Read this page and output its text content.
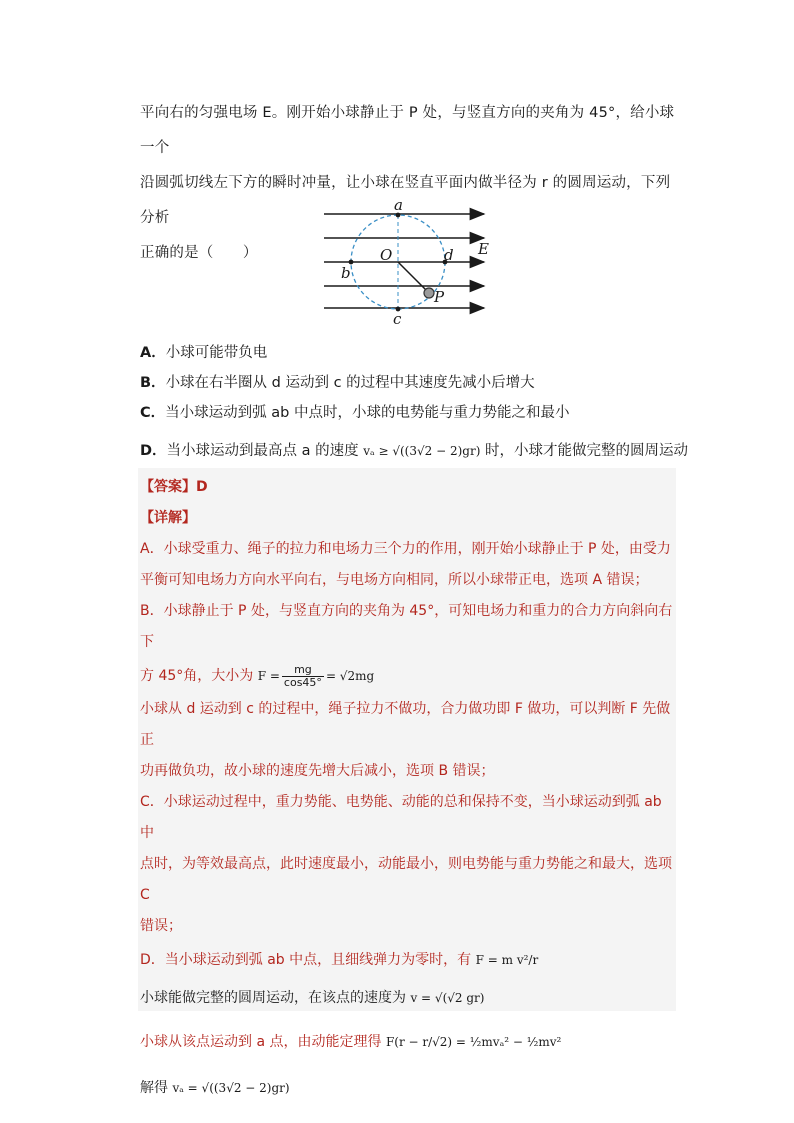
平向右的匀强电场 E。刚开始小球静止于 P 处，与竖直方向的夹角为 45°，给小球一个

沿圆弧切线左下方的瞬时冲量，让小球在竖直平面内做半径为 r 的圆周运动，下列分析

正确的是（　　）

a
b
c
d
O
P
E
A．小球可能带负电
B．小球在右半圈从 d 运动到 c 的过程中其速度先减小后增大
C．当小球运动到弧 ab 中点时，小球的电势能与重力势能之和最小
D．当小球运动到最高点 a 的速度 vₐ ≥ √((3√2 − 2)gr) 时，小球才能做完整的圆周运动

【答案】D

【详解】

A．小球受重力、绳子的拉力和电场力三个力的作用，刚开始小球静止于 P 处，由受力

平衡可知电场力方向水平向右，与电场方向相同，所以小球带正电，选项 A 错误；

B．小球静止于 P 处，与竖直方向的夹角为 45°，可知电场力和重力的合力方向斜向右下

方 45°角，大小为 $F = \frac{mg}{\cos 45^\circ} = √2mg$

小球从 d 运动到 c 的过程中，绳子拉力不做功，合力做功即 F 做功，可以判断 F 先做正

功再做负功，故小球的速度先增大后减小，选项 B 错误；

C．小球运动过程中，重力势能、电势能、动能的总和保持不变，当小球运动到弧 ab 中

点时，为等效最高点，此时速度最小，动能最小，则电势能与重力势能之和最大，选项 C

错误；

D．当小球运动到弧 ab 中点，且细线弹力为零时，有 F = m v²/r

小球能做完整的圆周运动，在该点的速度为 v = √(√2 gr)

小球从该点运动到 a 点，由动能定理得 F(r − r/√2) = ½mvₐ² − ½mv²

解得 vₐ = √((3√2 − 2)gr)
